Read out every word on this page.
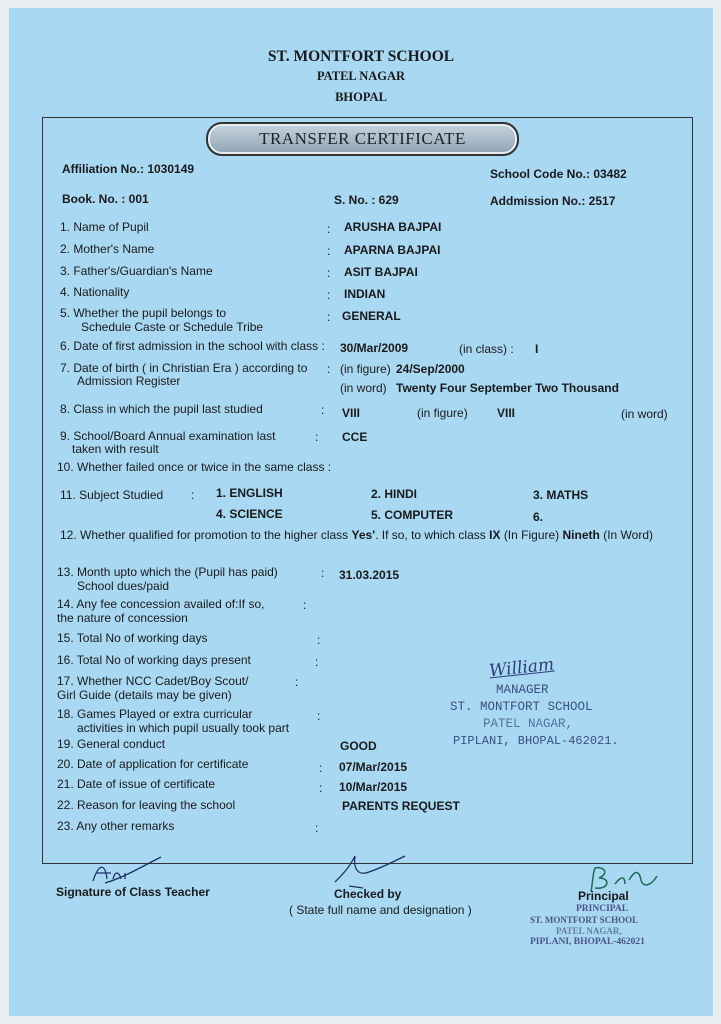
ST. MONTFORT SCHOOL
PATEL NAGAR
BHOPAL
TRANSFER CERTIFICATE
Affiliation No.: 1030149	School Code No.: 03482
Book. No. : 001	S. No. : 629	Addmission No.: 2517
1. Name of Pupil	: ARUSHA BAJPAI
2. Mother's Name	: APARNA BAJPAI
3. Father's/Guardian's Name	: ASIT BAJPAI
4. Nationality	: INDIAN
5. Whether the pupil belongs to
Schedule Caste or Schedule Tribe
: GENERAL
6. Date of first admission in the school with class : 30/Mar/2009	(in class) : I
7. Date of birth ( in Christian Era ) according to
Admission Register
: (in figure) 24/Sep/2000
(in word) Twenty Four September Two Thousand
8. Class in which the pupil last studied	: VIII	(in figure) VIII	(in word)
9. School/Board Annual examination last
taken with result
: CCE
10. Whether failed once or twice in the same class :
11. Subject Studied : 1. ENGLISH	2. HINDI	3. MATHS
4. SCIENCE	5. COMPUTER	6.
12. Whether qualified for promotion to the higher class Yes'. If so, to which class IX (In Figure) Nineth (In Word)
13. Month upto which the (Pupil has paid)
School dues/paid
: 31.03.2015
14. Any fee concession availed of:If so,
the nature of concession
:
15. Total No of working days	:
16. Total No of working days present	:
17. Whether NCC Cadet/Boy Scout/
Girl Guide (details may be given)
:
18. Games Played or extra curricular
activities in which pupil usually took part
:
19. General conduct	GOOD
20. Date of application for certificate	: 07/Mar/2015
21. Date of issue of certificate	: 10/Mar/2015
22. Reason for leaving the school	PARENTS REQUEST
23. Any other remarks	:
William
MANAGER
ST. MONTFORT SCHOOL
PATEL NAGAR,
PIPLANI, BHOPAL-462021.
Signature of Class Teacher	Checked by
( State full name and designation )
Principal
PRINCIPAL
ST. MONTFORT SCHOOL
PATEL NAGAR,
PIPLANI, BHOPAL-462021
